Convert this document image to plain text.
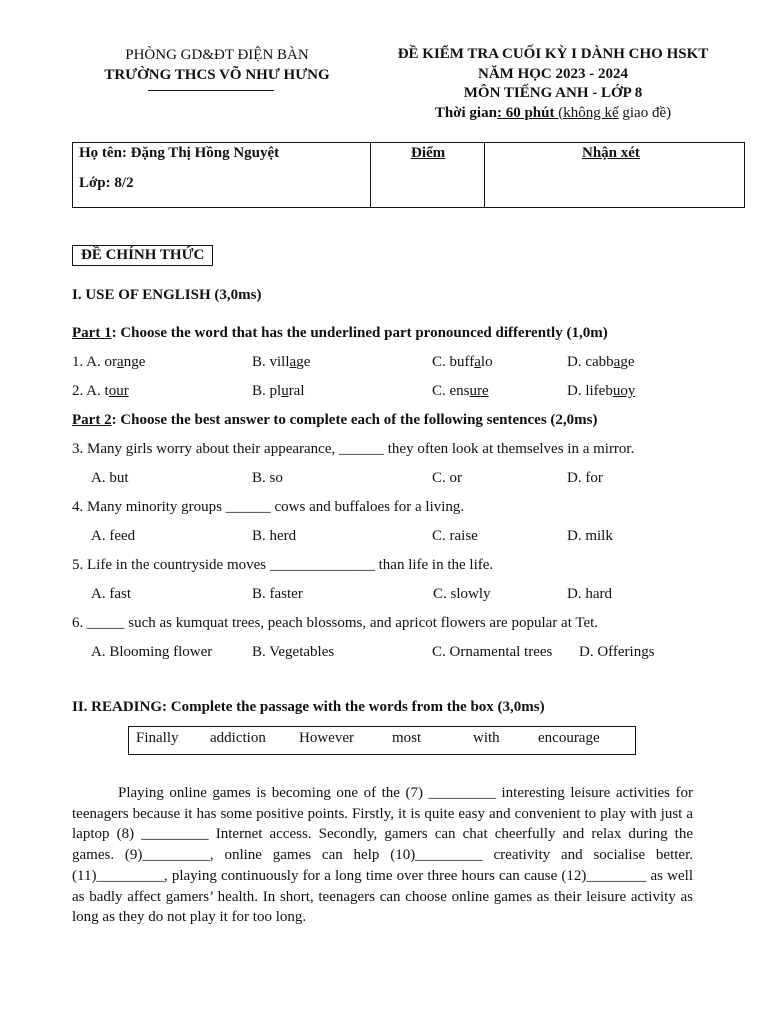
PHÒNG GD&ĐT ĐIỆN BÀN
TRƯỜNG THCS VÕ NHƯ HƯNG
ĐỀ KIỂM TRA CUỐI KỲ I DÀNH CHO HSKT
NĂM HỌC 2023 - 2024
MÔN TIẾNG ANH - LỚP 8
Thời gian: 60 phút (không kể giao đề)
Họ tên: Đặng Thị Hồng Nguyệt
Lớp: 8/2
Điểm	Nhận xét
ĐỀ CHÍNH THỨC
I. USE OF ENGLISH (3,0ms)
Part 1: Choose the word that has the underlined part pronounced differently (1,0m)
1. A. orange	B. village	C. buffalo	D. cabbage
2. A. tour	B. plural	C. ensure	D. lifebuoy
Part 2: Choose the best answer to complete each of the following sentences (2,0ms)
3. Many girls worry about their appearance, ______ they often look at themselves in a mirror.
A. but	B. so	C. or	D. for
4. Many minority groups ______ cows and buffaloes for a living.
A. feed	B. herd	C. raise	D. milk
5. Life in the countryside moves ______________ than life in the life.
A. fast	B. faster	C. slowly	D. hard
6. _____ such as kumquat trees, peach blossoms, and apricot flowers are popular at Tet.
A. Blooming flower	B. Vegetables	C. Ornamental trees D. Offerings
II. READING: Complete the passage with the words from the box (3,0ms)
Finally addiction However	most	with	encourage
Playing online games is becoming one of the (7) _________ interesting leisure activities for teenagers because it has some positive points. Firstly, it is quite easy and convenient to play with just a laptop (8) _________ Internet access. Secondly, gamers can chat cheerfully and relax during the games. (9)_________, online games can help (10)_________ creativity and socialise better. (11)_________, playing continuously for a long time over three hours can cause (12)________ as well as badly affect gamers’ health. In short, teenagers can choose online games as their leisure activity as long as they do not play it for too long.
